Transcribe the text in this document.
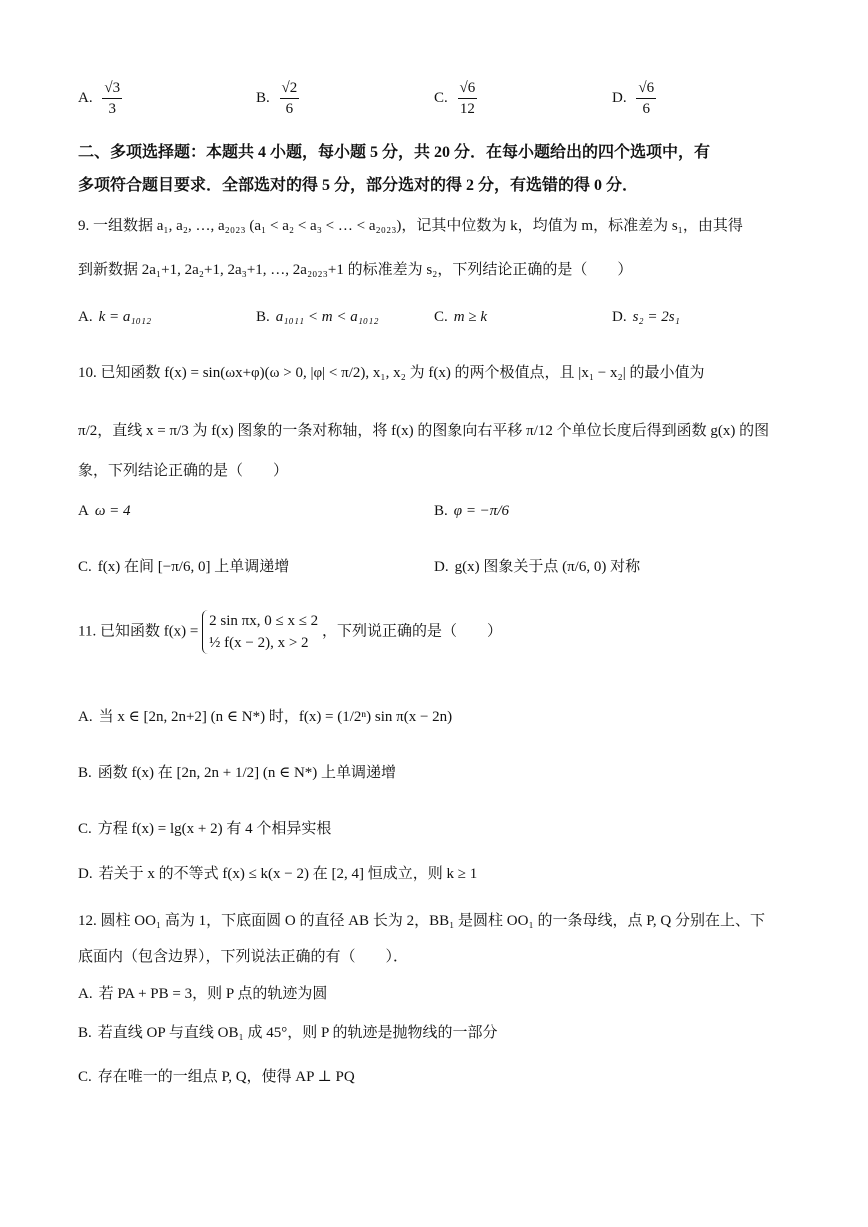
A. $\frac{√3}{3}$	B. $\frac{√2}{6}$	C. $\frac{√6}{12}$	D. $\frac{√6}{6}$
二、多项选择题：本题共 4 小题，每小题 5 分，共 20 分．在每小题给出的四个选项中，有
多项符合题目要求．全部选对的得 5 分，部分选对的得 2 分，有选错的得 0 分．
9. 一组数据 a₁, a₂, …, a₂₀₂₃ (a₁ < a₂ < a₃ < … < a₂₀₂₃)，记其中位数为 k，均值为 m，标准差为 s₁，由其得
到新数据 2a₁+1, 2a₂+1, 2a₃+1, …, 2a₂₀₂₃+1 的标准差为 s₂，下列结论正确的是（　　）
A. k = a₁₀₁₂	B. a₁₀₁₁ < m < a₁₀₁₂	C. m ≥ k	D. s₂ = 2s₁
10. 已知函数 f(x) = sin(ωx+φ)(ω > 0, |φ| < π/2), x₁, x₂ 为 f(x) 的两个极值点，且 |x₁ − x₂| 的最小值为
π/2，直线 x = π/3 为 f(x) 图象的一条对称轴，将 f(x) 的图象向右平移 π/12 个单位长度后得到函数 g(x) 的图
象，下列结论正确的是（　　）
A ω = 4	B. φ = −π/6
C. f(x) 在间 [−π/6, 0] 上单调递增	D. g(x) 图象关于点 (π/6, 0) 对称
11. 已知函数 f(x) = 2 sin πx, 0 ≤ x ≤ 2
½ f(x − 2), x > 2 ，下列说正确的是（　　）
A. 当 x ∈ [2n, 2n+2] (n ∈ N*) 时，f(x) = (1/2ⁿ) sin π(x − 2n)
B. 函数 f(x) 在 [2n, 2n + 1/2] (n ∈ N*) 上单调递增
C. 方程 f(x) = lg(x + 2) 有 4 个相异实根
D. 若关于 x 的不等式 f(x) ≤ k(x − 2) 在 [2, 4] 恒成立，则 k ≥ 1
12. 圆柱 OO₁ 高为 1，下底面圆 O 的直径 AB 长为 2，BB₁ 是圆柱 OO₁ 的一条母线，点 P, Q 分别在上、下
底面内（包含边界），下列说法正确的有（　　）．
A. 若 PA + PB = 3，则 P 点的轨迹为圆
B. 若直线 OP 与直线 OB₁ 成 45°，则 P 的轨迹是抛物线的一部分
C. 存在唯一的一组点 P, Q，使得 AP ⊥ PQ
